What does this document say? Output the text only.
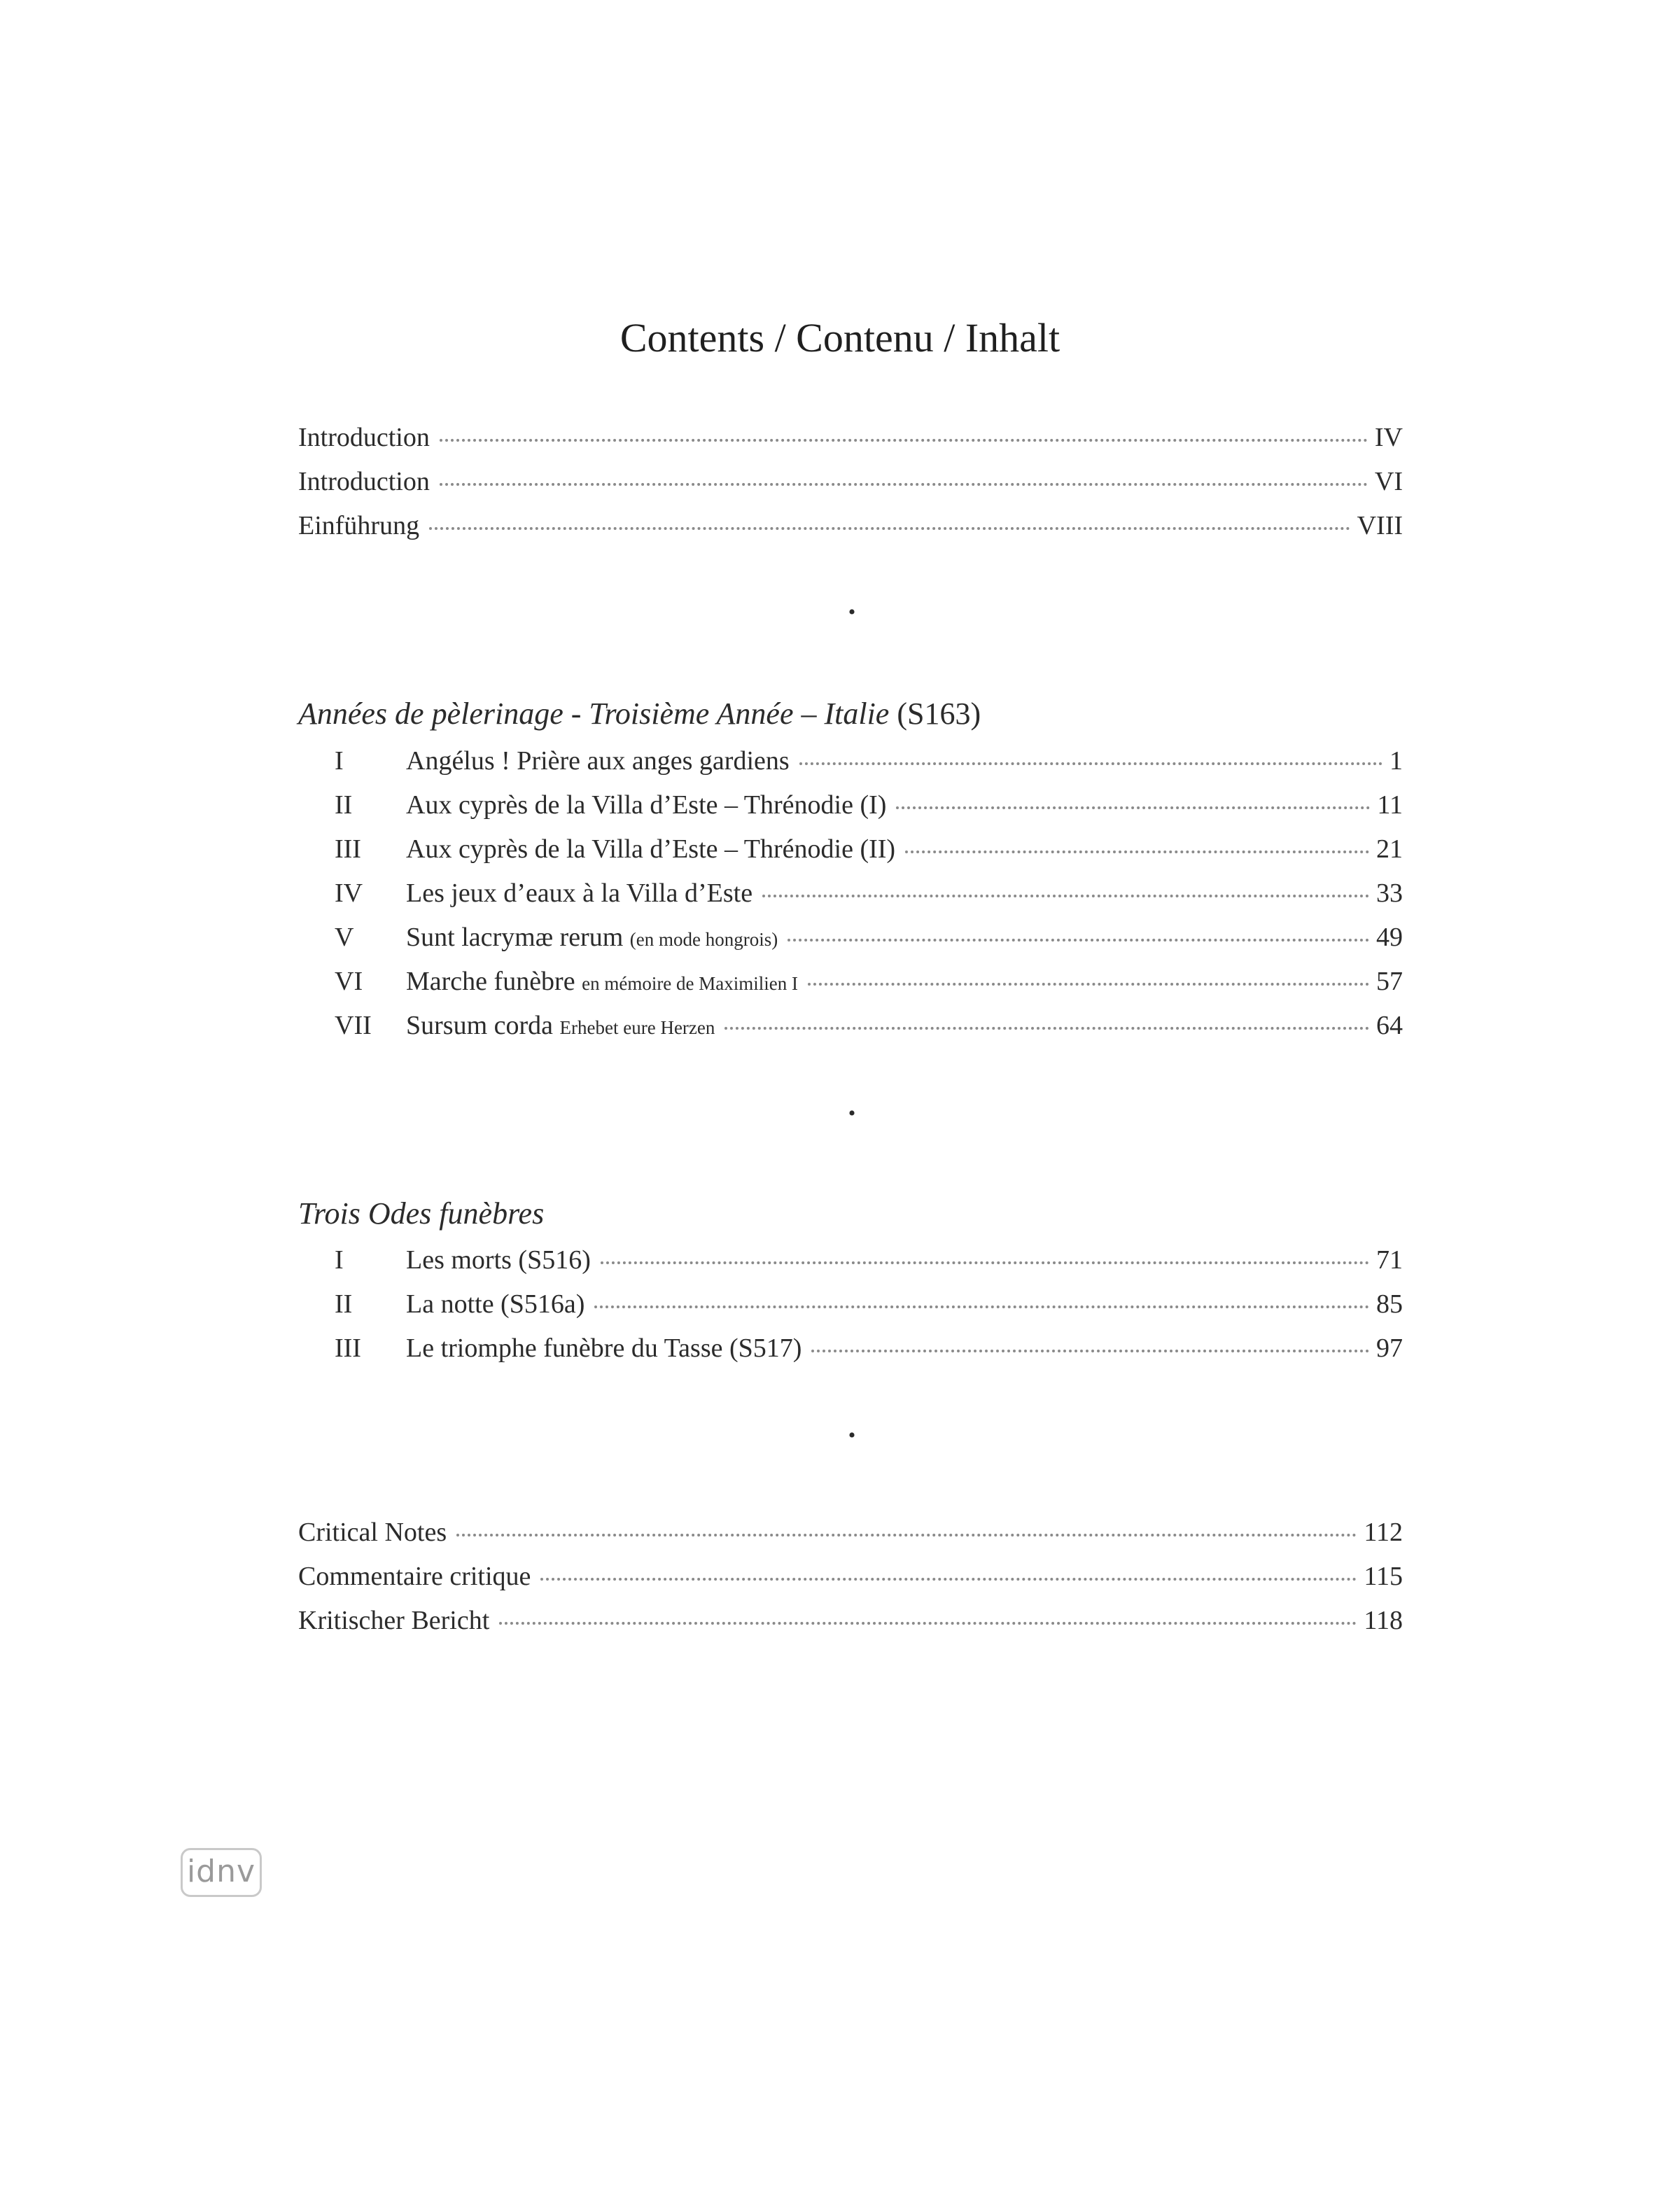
Contents / Contenu / Inhalt
Introduction	IV
Introduction	VI
Einführung	VIII
•
Années de pèlerinage - Troisième Année – Italie (S163)
I	Angélus ! Prière aux anges gardiens	1
II	Aux cyprès de la Villa d’Este – Thrénodie (I)	11
III	Aux cyprès de la Villa d’Este – Thrénodie (II)	21
IV	Les jeux d’eaux à la Villa d’Este	33
V	Sunt lacrymæ rerum (en mode hongrois)	49
VI	Marche funèbre en mémoire de Maximilien I	57
VII	Sursum corda Erhebet eure Herzen	64
•
Trois Odes funèbres
I	Les morts (S516)	71
II	La notte (S516a)	85
III	Le triomphe funèbre du Tasse (S517)	97
•
Critical Notes	112
Commentaire critique	115
Kritischer Bericht	118
idnv
